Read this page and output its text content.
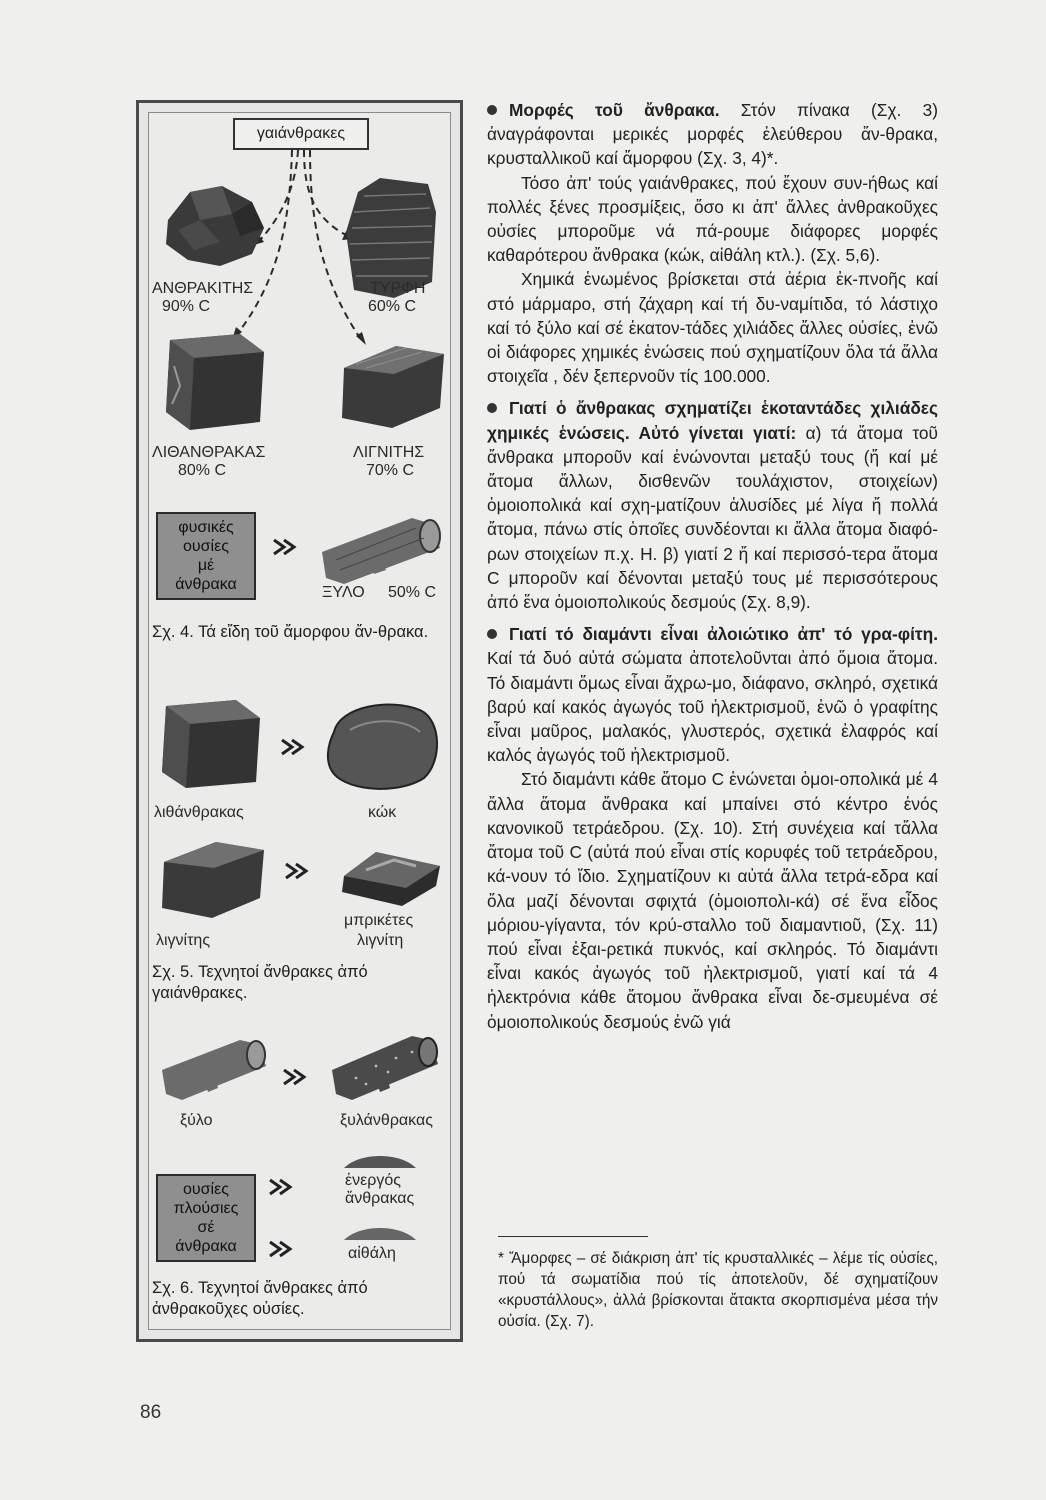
γαιάνθρακες
ΑΝΘΡΑΚΙΤΗΣ
90% C
ΤΥΡΦΗ
60% C
ΛΙΘΑΝΘΡΑΚΑΣ
80% C
ΛΙΓΝΙΤΗΣ
70% C
φυσικές
ουσίες
μέ
άνθρακα	ΞΥΛΟ 50% C
Σχ. 4. Τά εἴδη τοῦ ἄμορφου ἄν-θρακα.
λιθάνθρακας	κώκ
λιγνίτης
μπρικέτες
λιγνίτη
Σχ. 5. Τεχνητοί ἄνθρακες ἀπό γαιάνθρακες.
ξύλο	ξυλάνθρακας
ουσίες
πλούσιες
σέ
άνθρακα
ἐνεργός
ἄνθρακας
αἰθάλη
Σχ. 6. Τεχνητοί ἄνθρακες ἀπό ἀνθρακοῦχες οὐσίες.

Μορφές τοῦ ἄνθρακα. Στόν πίνακα (Σχ. 3) ἀναγράφονται μερικές μορφές ἐλεύθερου ἄν-θρακα, κρυσταλλικοῦ καί ἄμορφου (Σχ. 3, 4)*.

Τόσο ἀπ' τούς γαιάνθρακες, πού ἔχουν συν-ήθως καί πολλές ξένες προσμίξεις, ὅσο κι ἀπ' ἄλλες ἀνθρακοῦχες οὐσίες μποροῦμε νά πά-ρουμε διάφορες μορφές καθαρότερου ἄνθρακα (κώκ, αἰθάλη κτλ.). (Σχ. 5,6).

Χημικά ἑνωμένος βρίσκεται στά ἀέρια ἐκ-πνοῆς καί στό μάρμαρο, στή ζάχαρη καί τή δυ-ναμίτιδα, τό λάστιχο καί τό ξύλο καί σέ ἑκατον-τάδες χιλιάδες ἄλλες οὐσίες, ἐνῶ οἱ διάφορες χημικές ἑνώσεις πού σχηματίζουν ὅλα τά ἄλλα στοιχεῖα , δέν ξεπερνοῦν τίς 100.000.

Γιατί ὁ ἄνθρακας σχηματίζει ἑκοταντάδες χιλιάδες χημικές ἑνώσεις. Αὐτό γίνεται γιατί: α) τά ἄτομα τοῦ ἄνθρακα μποροῦν καί ἑνώνονται μεταξύ τους (ἤ καί μέ ἄτομα ἄλλων, δισθενῶν τουλάχιστον, στοιχείων) ὁμοιοπολικά καί σχη-ματίζουν ἁλυσίδες μέ λίγα ἤ πολλά ἄτομα, πάνω στίς ὁποῖες συνδέονται κι ἄλλα ἄτομα διαφό-ρων στοιχείων π.χ. Η. β) γιατί 2 ἤ καί περισσό-τερα ἄτομα C μποροῦν καί δένονται μεταξύ τους μέ περισσότερους ἀπό ἕνα ὁμοιοπολικούς δεσμούς (Σχ. 8,9).

Γιατί τό διαμάντι εἶναι ἀλοιώτικο ἀπ' τό γρα-φίτη. Καί τά δυό αὐτά σώματα ἀποτελοῦνται ἀπό ὅμοια ἄτομα. Τό διαμάντι ὅμως εἶναι ἄχρω-μο, διάφανο, σκληρό, σχετικά βαρύ καί κακός ἀγωγός τοῦ ἠλεκτρισμοῦ, ἐνῶ ὁ γραφίτης εἶναι μαῦρος, μαλακός, γλυστερός, σχετικά ἐλαφρός καί καλός ἀγωγός τοῦ ἠλεκτρισμοῦ.

Στό διαμάντι κάθε ἄτομο C ἑνώνεται ὁμοι-οπολικά μέ 4 ἄλλα ἄτομα ἄνθρακα καί μπαίνει στό κέντρο ἑνός κανονικοῦ τετράεδρου. (Σχ. 10). Στή συνέχεια καί τἄλλα ἄτομα τοῦ C (αὐτά πού εἶναι στίς κορυφές τοῦ τετράεδρου, κά-νουν τό ἴδιο. Σχηματίζουν κι αὐτά ἄλλα τετρά-εδρα καί ὅλα μαζί δένονται σφιχτά (ὁμοιοπολι-κά) σέ ἕνα εἶδος μόριου-γίγαντα, τόν κρύ-σταλλο τοῦ διαμαντιοῦ, (Σχ. 11) πού εἶναι ἐξαι-ρετικά πυκνός, καί σκληρός. Τό διαμάντι εἶναι κακός ἀγωγός τοῦ ἠλεκτρισμοῦ, γιατί καί τά 4 ἠλεκτρόνια κάθε ἄτομου ἄνθρακα εἶναι δε-σμευμένα σέ ὁμοιοπολικούς δεσμούς ἐνῶ γιά

* Ἄμορφες – σέ διάκριση ἀπ' τίς κρυσταλλικές – λέμε τίς οὐσίες, πού τά σωματίδια πού τίς ἀποτελοῦν, δέ σχηματίζουν «κρυστάλλους», ἀλλά βρίσκονται ἄτακτα σκορπισμένα μέσα τήν οὐσία. (Σχ. 7).
86
